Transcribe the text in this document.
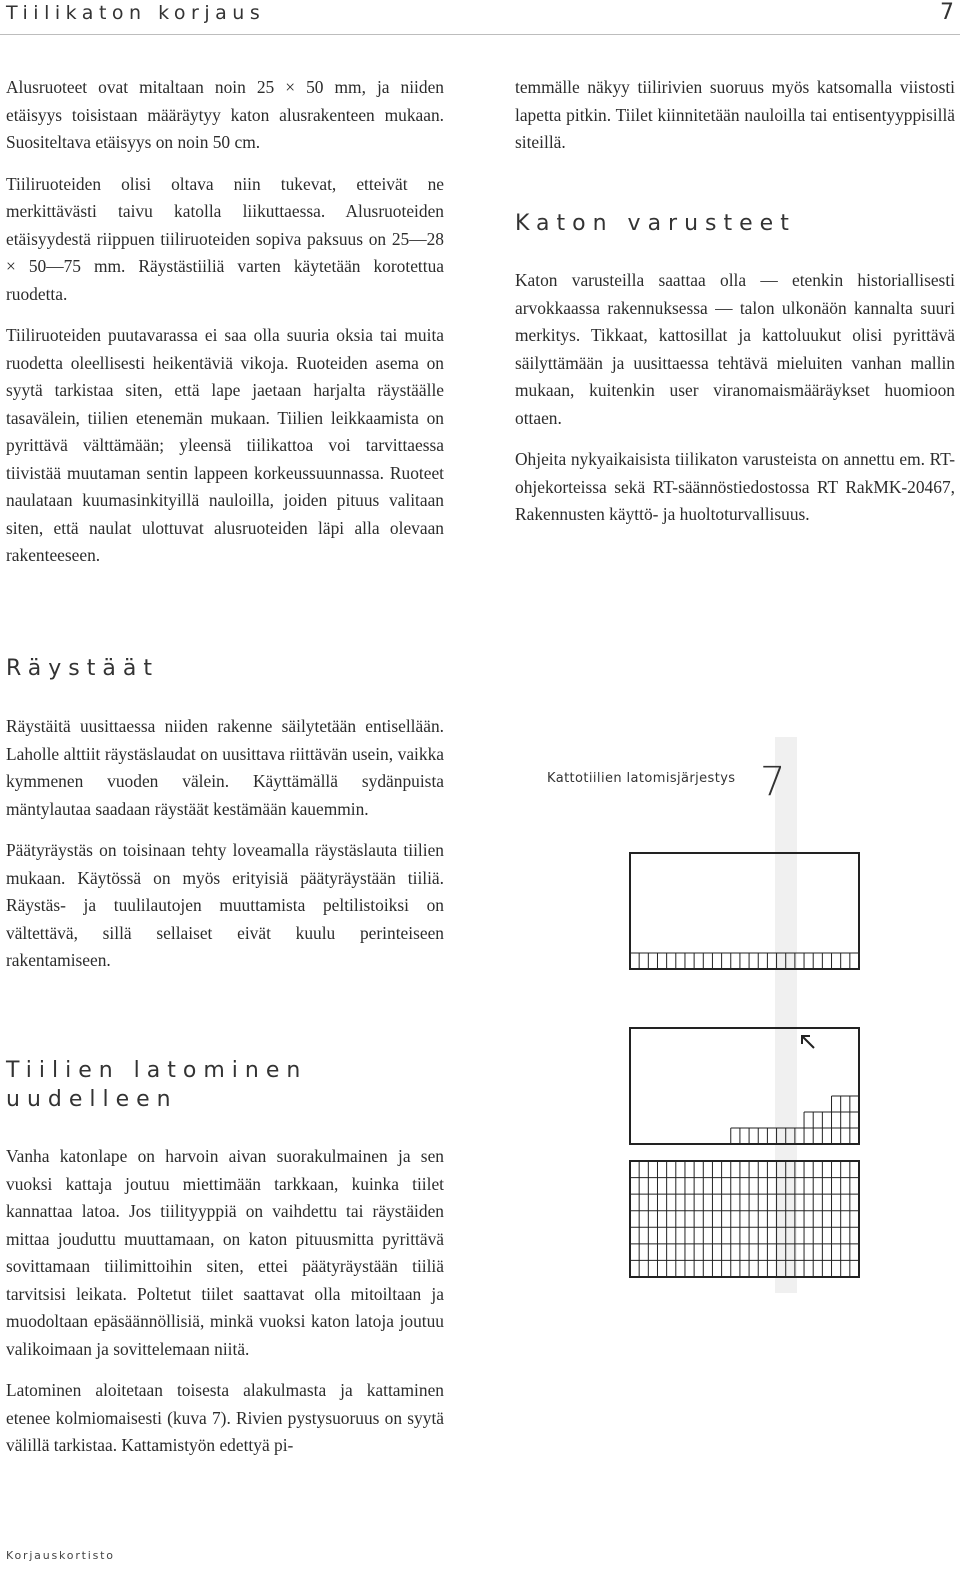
Tiilikaton korjaus	7

Alusruoteet ovat mitaltaan noin 25 × 50 mm, ja niiden etäisyys toisistaan määräytyy katon alusrakenteen mukaan. Suositeltava etäisyys on noin 50 cm.

Tiiliruoteiden olisi oltava niin tukevat, etteivät ne merkittävästi taivu katolla liikuttaessa. Alusruoteiden etäisyydestä riippuen tiiliruoteiden sopiva paksuus on 25—28 × 50—75 mm. Räystästiiliä varten käytetään korotettua ruodetta.

Tiiliruoteiden puutavarassa ei saa olla suuria oksia tai muita ruodetta oleellisesti heikentäviä vikoja. Ruoteiden asema on syytä tarkistaa siten, että lape jaetaan harjalta räystäälle tasavälein, tiilien etenemän mukaan. Tiilien leikkaamista on pyrittävä välttämään; yleensä tiilikattoa voi tarvittaessa tiivistää muutaman sentin lappeen korkeussuunnassa. Ruoteet naulataan kuumasinkityillä nauloilla, joiden pituus valitaan siten, että naulat ulottuvat alusruoteiden läpi alla olevaan rakenteeseen.

temmälle näkyy tiilirivien suoruus myös katsomalla viistosti lapetta pitkin. Tiilet kiinnitetään nauloilla tai entisentyyppisillä siteillä.

Katon varusteet

Katon varusteilla saattaa olla — etenkin historiallisesti arvokkaassa rakennuksessa — talon ulkonäön kannalta suuri merkitys. Tikkaat, kattosillat ja kattoluukut olisi pyrittävä säilyttämään ja uusittaessa tehtävä mieluiten vanhan mallin mukaan, kuitenkin user viranomaismääräykset huomioon ottaen.

Ohjeita nykyaikaisista tiilikaton varusteista on annettu em. RT-ohjekorteissa sekä RT-säännöstiedostossa RT RakMK-20467, Rakennusten käyttö- ja huoltoturvallisuus.

Räystäät

Räystäitä uusittaessa niiden rakenne säilytetään entisellään. Laholle alttiit räystäslaudat on uusittava riittävän usein, vaikka kymmenen vuoden välein. Käyttämällä sydänpuista mäntylautaa saadaan räystäät kestämään kauemmin.

Päätyräystäs on toisinaan tehty loveamalla räystäslauta tiilien mukaan. Käytössä on myös erityisiä päätyräystään tiiliä. Räystäs- ja tuulilautojen muuttamista peltilistoiksi on vältettävä, sillä sellaiset eivät kuulu perinteiseen rakentamiseen.

Tiilien latominen
uudelleen

Vanha katonlape on harvoin aivan suorakulmainen ja sen vuoksi kattaja joutuu miettimään tarkkaan, kuinka tiilet kannattaa latoa. Jos tiilityyppiä on vaihdettu tai räystäiden mittaa jouduttu muuttamaan, on katon pituusmitta pyrittävä sovittamaan tiilimittoihin siten, ettei päätyräystään tiiliä tarvitsisi leikata. Poltetut tiilet saattavat olla mitoiltaan ja muodoltaan epäsäännöllisiä, minkä vuoksi katon latoja joutuu valikoimaan ja sovittelemaan niitä.

Latominen aloitetaan toisesta alakulmasta ja kattaminen etenee kolmiomaisesti (kuva 7). Rivien pystysuoruus on syytä välillä tarkistaa. Kattamistyön edettyä pi-

Kattotiilien latomisjärjestys 7
Korjauskortisto
